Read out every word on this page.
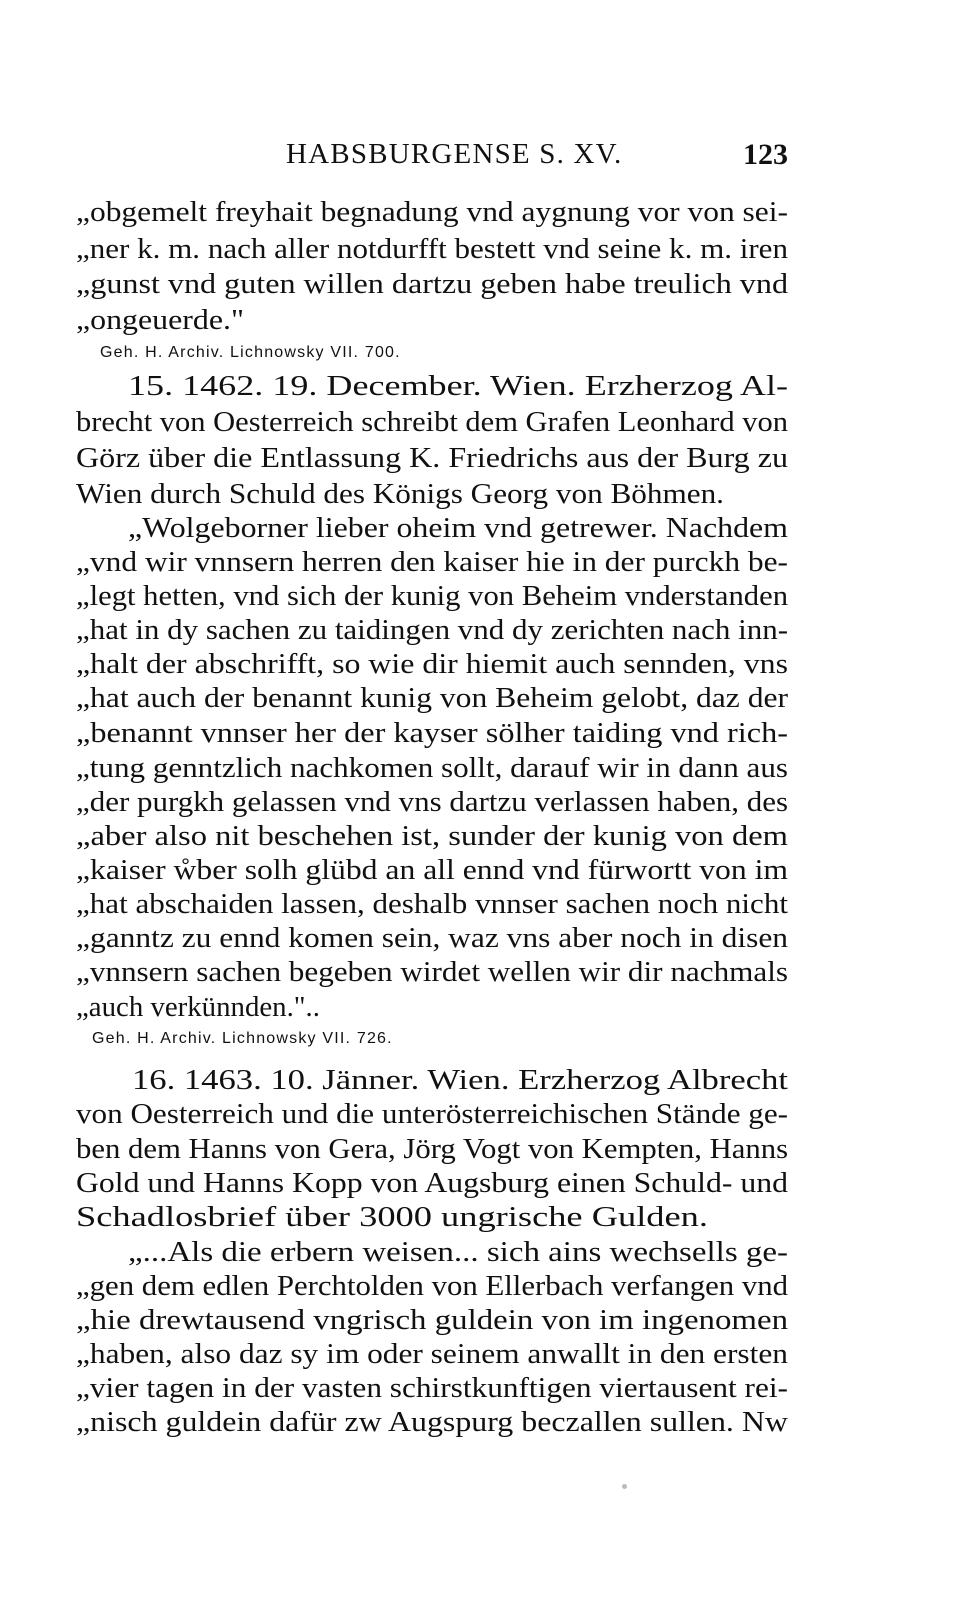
HABSBURGENSE S. XV.	123
„obgemelt freyhait begnadung vnd aygnung vor von sei-
„ner k. m. nach aller notdurfft bestett vnd seine k. m. iren
„gunst vnd guten willen dartzu geben habe treulich vnd
„ongeuerde."
15. 1462. 19. December. Wien. Erzherzog Al-
brecht von Oesterreich schreibt dem Grafen Leonhard von
Görz über die Entlassung K. Friedrichs aus der Burg zu
Wien durch Schuld des Königs Georg von Böhmen.
„Wolgeborner lieber oheim vnd getrewer. Nachdem
„vnd wir vnnsern herren den kaiser hie in der purckh be-
„legt hetten, vnd sich der kunig von Beheim vnderstanden
„hat in dy sachen zu taidingen vnd dy zerichten nach inn-
„halt der abschrifft, so wie dir hiemit auch sennden, vns
„hat auch der benannt kunig von Beheim gelobt, daz der
„benannt vnnser her der kayser sölher taiding vnd rich-
„tung genntzlich nachkomen sollt, darauf wir in dann aus
„der purgkh gelassen vnd vns dartzu verlassen haben, des
„aber also nit beschehen ist, sunder der kunig von dem
„kaiser ẘber solh glübd an all ennd vnd fürwortt von im
„hat abschaiden lassen, deshalb vnnser sachen noch nicht
„ganntz zu ennd komen sein, waz vns aber noch in disen
„vnnsern sachen begeben wirdet wellen wir dir nachmals
„auch verkünnden."..
16. 1463. 10. Jänner. Wien. Erzherzog Albrecht
von Oesterreich und die unterösterreichischen Stände ge-
ben dem Hanns von Gera, Jörg Vogt von Kempten, Hanns
Gold und Hanns Kopp von Augsburg einen Schuld- und
Schadlosbrief über 3000 ungrische Gulden.
„...Als die erbern weisen... sich ains wechsells ge-
„gen dem edlen Perchtolden von Ellerbach verfangen vnd
„hie drewtausend vngrisch guldein von im ingenomen
„haben, also daz sy im oder seinem anwallt in den ersten
„vier tagen in der vasten schirstkunftigen viertausent rei-
„nisch guldein dafür zw Augspurg beczallen sullen. Nw
Geh. H. Archiv. Lichnowsky VII. 700.
Geh. H. Archiv. Lichnowsky VII. 726.
